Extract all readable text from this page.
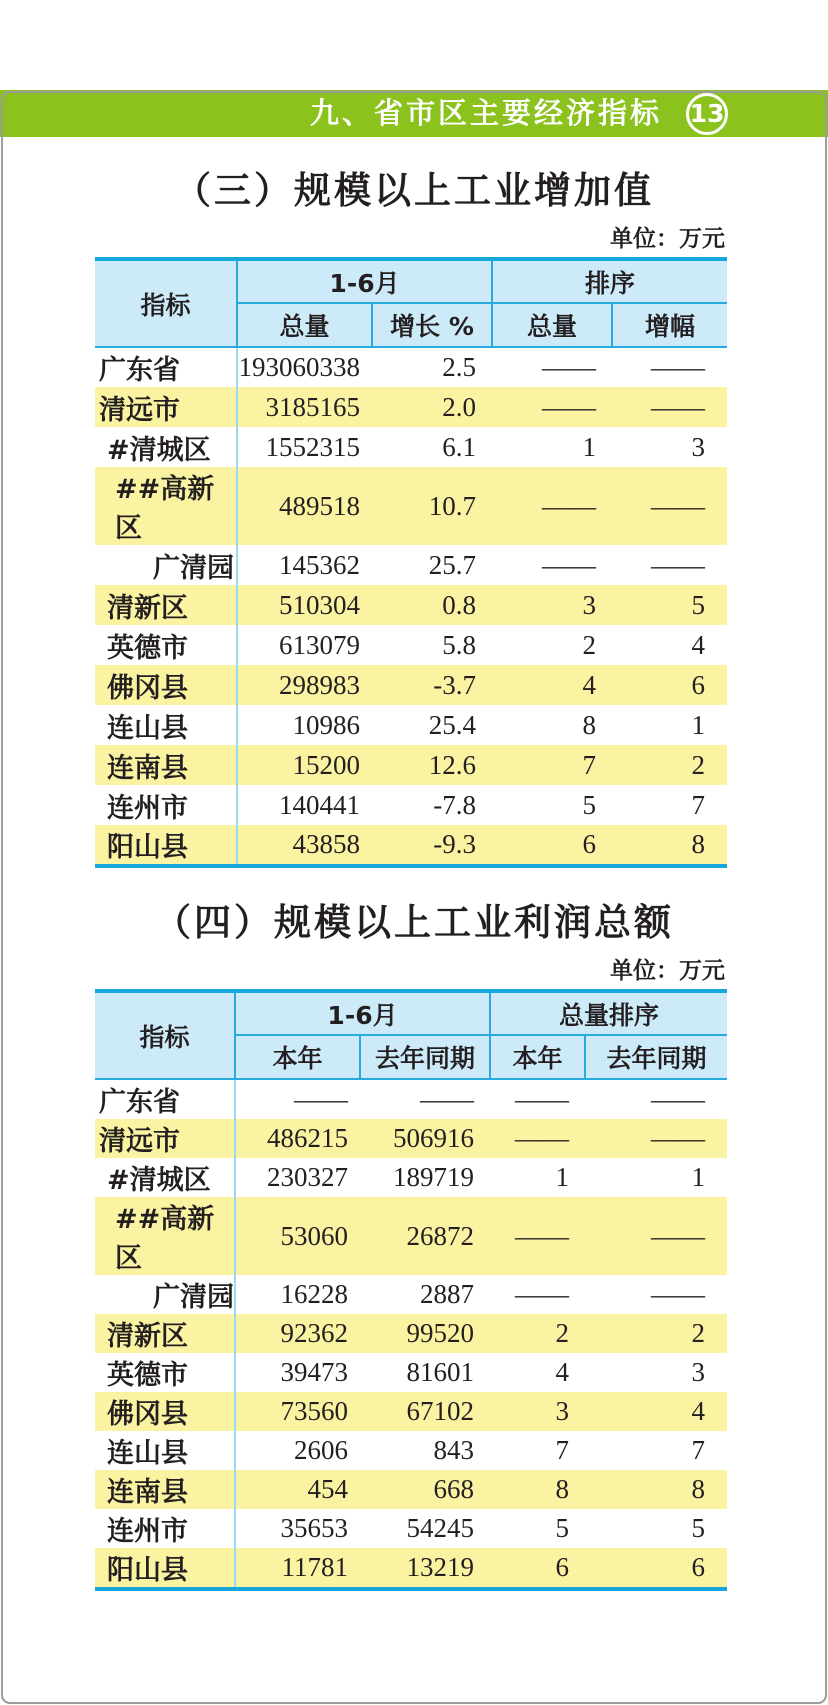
九、省市区主要经济指标 13
（三）规模以上工业增加值
单位：万元
指标	1-6月		排序	
	总量	增长 %	总量	增幅
广东省	193060338	2.5	——	——
清远市	3185165	2.0	——	——
#清城区	1552315	6.1	1	3
##高新区	489518	10.7	——	——
广清园	145362	25.7	——	——
清新区	510304	0.8	3	5
英德市	613079	5.8	2	4
佛冈县	298983	-3.7	4	6
连山县	10986	25.4	8	1
连南县	15200	12.6	7	2
连州市	140441	-7.8	5	7
阳山县	43858	-9.3	6	8
（四）规模以上工业利润总额
单位：万元
指标	1-6月		总量排序	
	本年	去年同期	本年	去年同期
广东省	——	——	——	——
清远市	486215	506916	——	——
#清城区	230327	189719	1	1
##高新区	53060	26872	——	——
广清园	16228	2887	——	——
清新区	92362	99520	2	2
英德市	39473	81601	4	3
佛冈县	73560	67102	3	4
连山县	2606	843	7	7
连南县	454	668	8	8
连州市	35653	54245	5	5
阳山县	11781	13219	6	6
